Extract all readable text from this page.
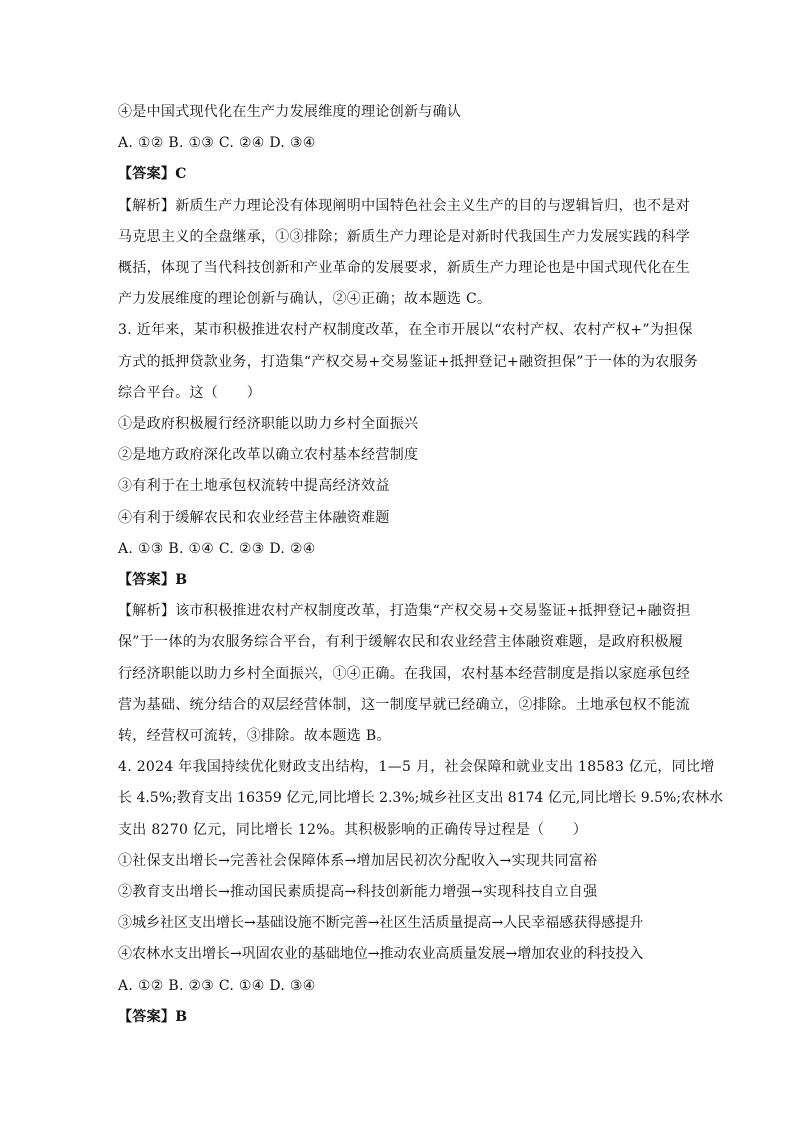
④是中国式现代化在生产力发展维度的理论创新与确认
A. ①② B. ①③ C. ②④ D. ③④
【答案】C
【解析】新质生产力理论没有体现阐明中国特色社会主义生产的目的与逻辑旨归，也不是对
马克思主义的全盘继承，①③排除；新质生产力理论是对新时代我国生产力发展实践的科学
概括，体现了当代科技创新和产业革命的发展要求，新质生产力理论也是中国式现代化在生
产力发展维度的理论创新与确认，②④正确；故本题选 C。
3. 近年来，某市积极推进农村产权制度改革，在全市开展以“农村产权、农村产权+”为担保
方式的抵押贷款业务，打造集“产权交易+交易鉴证+抵押登记+融资担保”于一体的为农服务
综合平台。这（　　）
①是政府积极履行经济职能以助力乡村全面振兴
②是地方政府深化改革以确立农村基本经营制度
③有利于在土地承包权流转中提高经济效益
④有利于缓解农民和农业经营主体融资难题
A. ①③ B. ①④ C. ②③ D. ②④
【答案】B
【解析】该市积极推进农村产权制度改革，打造集“产权交易+交易鉴证+抵押登记+融资担
保”于一体的为农服务综合平台，有利于缓解农民和农业经营主体融资难题，是政府积极履
行经济职能以助力乡村全面振兴，①④正确。在我国，农村基本经营制度是指以家庭承包经
营为基础、统分结合的双层经营体制，这一制度早就已经确立，②排除。土地承包权不能流
转，经营权可流转，③排除。故本题选 B。
4. 2024 年我国持续优化财政支出结构，1—5 月，社会保障和就业支出 18583 亿元，同比增
长 4.5%;教育支出 16359 亿元,同比增长 2.3%;城乡社区支出 8174 亿元,同比增长 9.5%;农林水
支出 8270 亿元，同比增长 12%。其积极影响的正确传导过程是（　　）
①社保支出增长→完善社会保障体系→增加居民初次分配收入→实现共同富裕
②教育支出增长→推动国民素质提高→科技创新能力增强→实现科技自立自强
③城乡社区支出增长→基础设施不断完善→社区生活质量提高→人民幸福感获得感提升
④农林水支出增长→巩固农业的基础地位→推动农业高质量发展→增加农业的科技投入
A. ①② B. ②③ C. ①④ D. ③④
【答案】B
